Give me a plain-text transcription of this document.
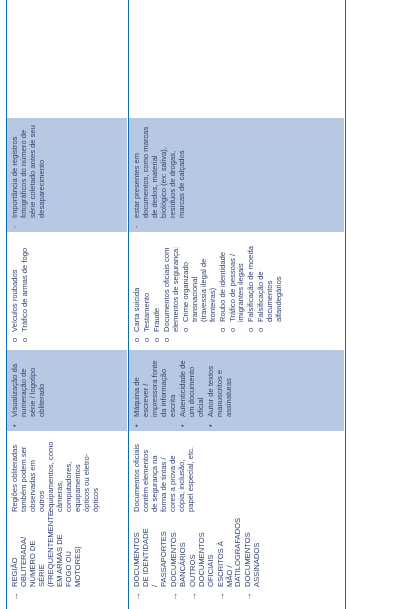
→
REGIÃO OBLITERADA/ NÚMERO DE SÉRIE (FREQUENTEMENTE EM ARMAS DE FOGO OU MOTORES)
Regiões obliteradas também podem ser observadas em outros equipamentos, como câmeras, computadores, equipamentos ópticos ou eletro-ópticos
•
Visualização da numeração de série / logotipo obliterado
o
Veículos roubados
o
Tráfico de armas de fogo
-
Importância de registros fotográficos do número de série coletado antes de seu desaparecimento
→
DOCUMENTOS DE IDENTIDADE / PASSAPORTES
→
DOCUMENTOS BANCÁRIOS
→
OUTROS DOCUMENTOS OFICIAIS
→
ESCRITOS À MÃO / DATILOGRAFADOS
→
DOCUMENTOS ASSINADOS
Documentos oficiais contêm elementos de segurança na forma de tintas / cores a prova de cópia, inclusão, papel especial, etc.
•
Máquina de escrever / impressora fonte da informação escrita
•
Autenticidade de um documento oficial
•
Autor de textos manuscritos e assinaturas
o
Carta suicida
o
Testamento
o
Fraude
o
Documentos oficiais com elementos de segurança: o
Crime organizado transnacional (travessia ilegal de fronteiras)
o
Roubo de identidade
o
Tráfico de pessoas / imigrantes ilegais
o
Falsificação de moeda
o
Falsificação de documentos alfandegários
-
estar presentes em documentos, como marcas de dedos, material biológico (ex: saliva), resíduos de drogas, marcas de calçados
